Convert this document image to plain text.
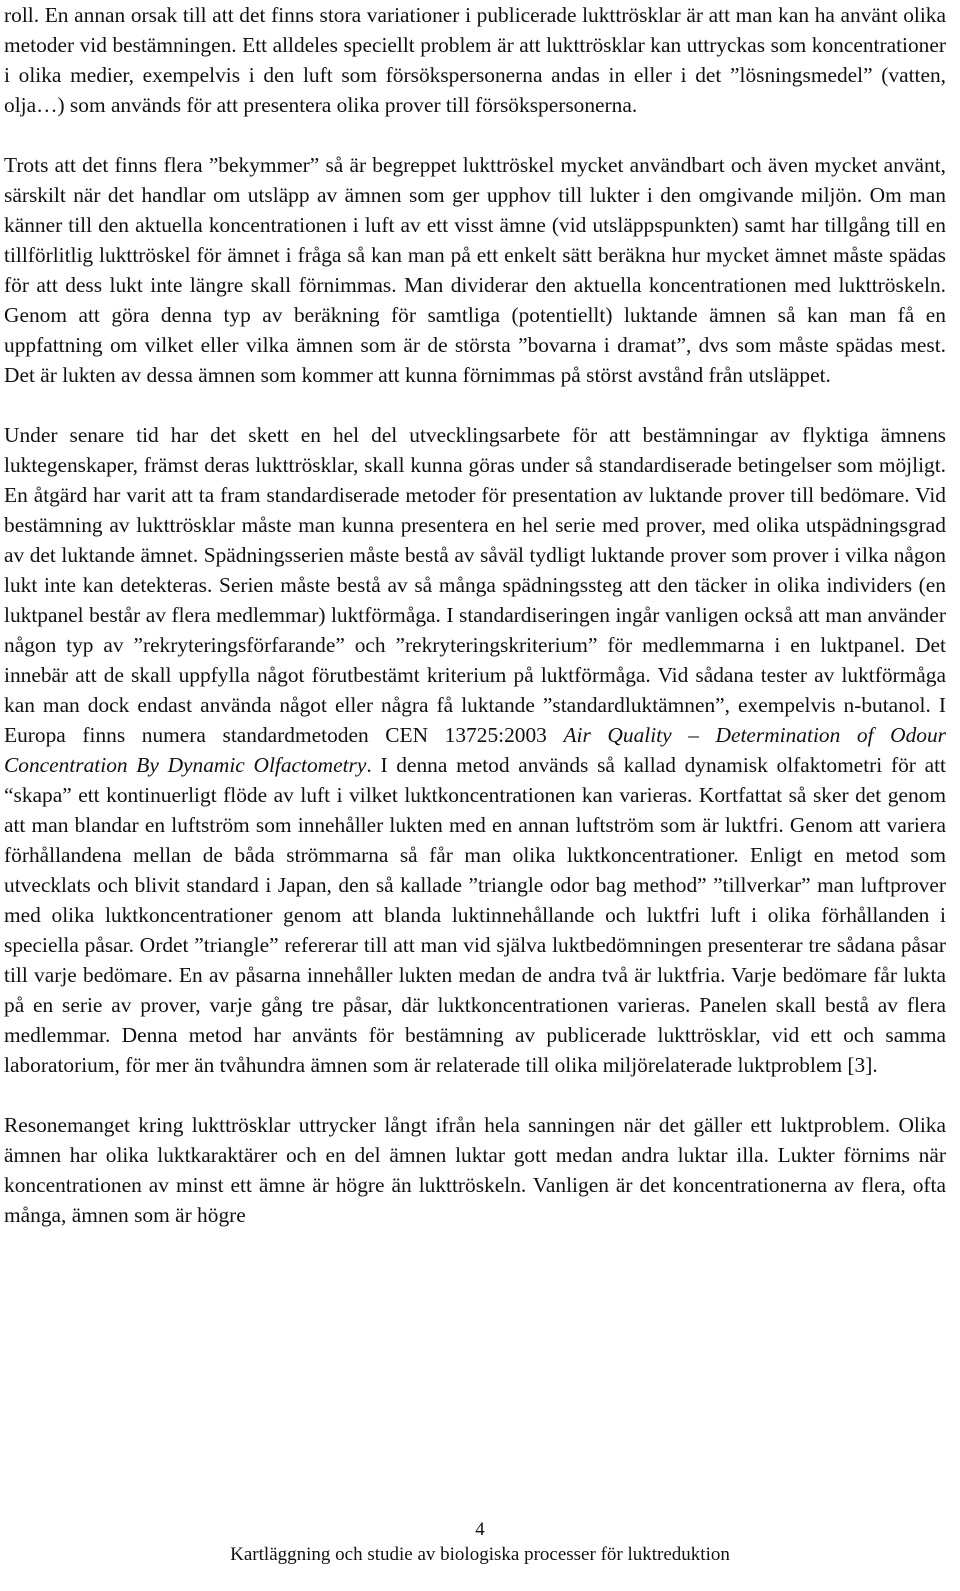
roll. En annan orsak till att det finns stora variationer i publicerade lukttrösklar är att man kan ha använt olika metoder vid bestämningen. Ett alldeles speciellt problem är att lukttrösklar kan uttryckas som koncentrationer i olika medier, exempelvis i den luft som försökspersonerna andas in eller i det ”lösningsmedel” (vatten, olja…) som används för att presentera olika prover till försökspersonerna.

Trots att det finns flera ”bekymmer” så är begreppet lukttröskel mycket användbart och även mycket använt, särskilt när det handlar om utsläpp av ämnen som ger upphov till lukter i den omgivande miljön. Om man känner till den aktuella koncentrationen i luft av ett visst ämne (vid utsläppspunkten) samt har tillgång till en tillförlitlig lukttröskel för ämnet i fråga så kan man på ett enkelt sätt beräkna hur mycket ämnet måste spädas för att dess lukt inte längre skall förnimmas. Man dividerar den aktuella koncentrationen med lukttröskeln. Genom att göra denna typ av beräkning för samtliga (potentiellt) luktande ämnen så kan man få en uppfattning om vilket eller vilka ämnen som är de största ”bovarna i dramat”, dvs som måste spädas mest. Det är lukten av dessa ämnen som kommer att kunna förnimmas på störst avstånd från utsläppet.

Under senare tid har det skett en hel del utvecklingsarbete för att bestämningar av flyktiga ämnens luktegenskaper, främst deras lukttrösklar, skall kunna göras under så standardiserade betingelser som möjligt. En åtgärd har varit att ta fram standardiserade metoder för presentation av luktande prover till bedömare. Vid bestämning av lukttrösklar måste man kunna presentera en hel serie med prover, med olika utspädningsgrad av det luktande ämnet. Spädningsserien måste bestå av såväl tydligt luktande prover som prover i vilka någon lukt inte kan detekteras. Serien måste bestå av så många spädningssteg att den täcker in olika individers (en luktpanel består av flera medlemmar) luktförmåga. I standardiseringen ingår vanligen också att man använder någon typ av ”rekryteringsförfarande” och ”rekryteringskriterium” för medlemmarna i en luktpanel. Det innebär att de skall uppfylla något förutbestämt kriterium på luktförmåga. Vid sådana tester av luktförmåga kan man dock endast använda något eller några få luktande ”standardluktämnen”, exempelvis n-butanol. I Europa finns numera standardmetoden CEN 13725:2003 Air Quality – Determination of Odour Concentration By Dynamic Olfactometry. I denna metod används så kallad dynamisk olfaktometri för att “skapa” ett kontinuerligt flöde av luft i vilket luktkoncentrationen kan varieras. Kortfattat så sker det genom att man blandar en luftström som innehåller lukten med en annan luftström som är luktfri. Genom att variera förhållandena mellan de båda strömmarna så får man olika luktkoncentrationer. Enligt en metod som utvecklats och blivit standard i Japan, den så kallade ”triangle odor bag method” ”tillverkar” man luftprover med olika luktkoncentrationer genom att blanda luktinnehållande och luktfri luft i olika förhållanden i speciella påsar. Ordet ”triangle” refererar till att man vid själva luktbedömningen presenterar tre sådana påsar till varje bedömare. En av påsarna innehåller lukten medan de andra två är luktfria. Varje bedömare får lukta på en serie av prover, varje gång tre påsar, där luktkoncentrationen varieras. Panelen skall bestå av flera medlemmar. Denna metod har använts för bestämning av publicerade lukttrösklar, vid ett och samma laboratorium, för mer än tvåhundra ämnen som är relaterade till olika miljörelaterade luktproblem [3].

Resonemanget kring lukttrösklar uttrycker långt ifrån hela sanningen när det gäller ett luktproblem. Olika ämnen har olika luktkaraktärer och en del ämnen luktar gott medan andra luktar illa. Lukter förnims när koncentrationen av minst ett ämne är högre än lukttröskeln. Vanligen är det koncentrationerna av flera, ofta många, ämnen som är högre

4
Kartläggning och studie av biologiska processer för luktreduktion
